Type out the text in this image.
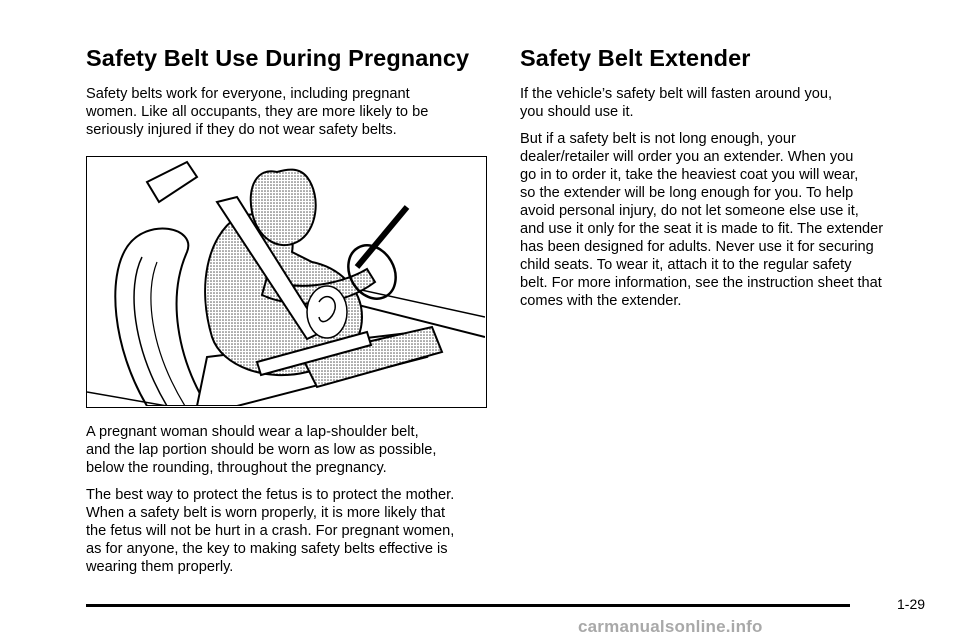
Safety Belt Use During Pregnancy

Safety belts work for everyone, including pregnant
women. Like all occupants, they are more likely to be
seriously injured if they do not wear safety belts.

A pregnant woman should wear a lap-shoulder belt,
and the lap portion should be worn as low as possible,
below the rounding, throughout the pregnancy.

The best way to protect the fetus is to protect the mother.
When a safety belt is worn properly, it is more likely that
the fetus will not be hurt in a crash. For pregnant women,
as for anyone, the key to making safety belts effective is
wearing them properly.

Safety Belt Extender

If the vehicle’s safety belt will fasten around you,
you should use it.

But if a safety belt is not long enough, your
dealer/retailer will order you an extender. When you
go in to order it, take the heaviest coat you will wear,
so the extender will be long enough for you. To help
avoid personal injury, do not let someone else use it,
and use it only for the seat it is made to fit. The extender
has been designed for adults. Never use it for securing
child seats. To wear it, attach it to the regular safety
belt. For more information, see the instruction sheet that
comes with the extender.

1-29
carmanualsonline.info
